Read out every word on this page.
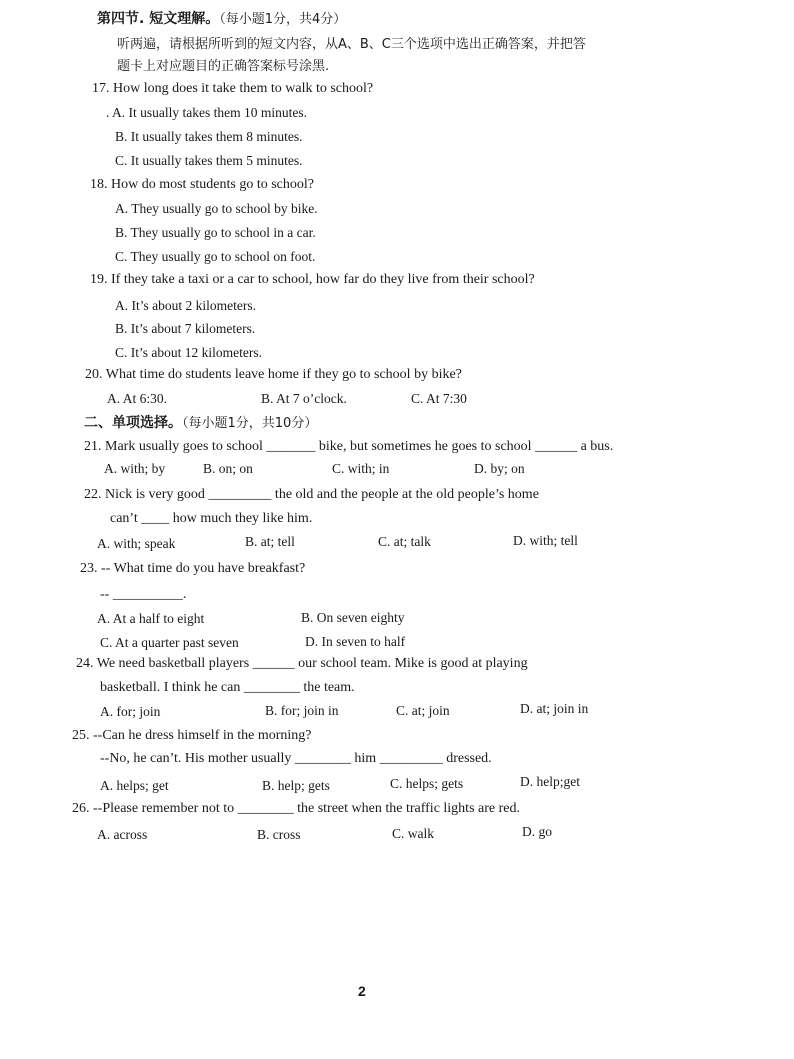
第四节. 短文理解。（每小题1分，共4分）
听两遍，请根据所听到的短文内容，从A、B、C三个选项中选出正确答案，并把答
题卡上对应题目的正确答案标号涂黑.
17. How long does it take them to walk to school?
. A. It usually takes them 10 minutes.
B. It usually takes them 8 minutes.
C. It usually takes them 5 minutes.
18. How do most students go to school?
A. They usually go to school by bike.
B. They usually go to school in a car.
C. They usually go to school on foot.
19. If they take a taxi or a car to school, how far do they live from their school?
A. It’s about 2 kilometers.
B. It’s about 7 kilometers.
C. It’s about 12 kilometers.
20. What time do students leave home if they go to school by bike?
A. At 6:30.	B. At 7 o’clock.	C. At 7:30
二、单项选择。（每小题1分，共10分）
21. Mark usually goes to school _______ bike, but sometimes he goes to school ______ a bus.
A. with; by	B. on; on	C. with; in	D. by; on
22. Nick is very good _________ the old and the people at the old people’s home
can’t ____ how much they like him.
A. with; speak	B. at; tell	C. at; talk	D. with; tell
23. -- What time do you have breakfast?
-- __________.
A. At a half to eight	B. On seven eighty
C. At a quarter past seven	D. In seven to half
24. We need basketball players ______ our school team. Mike is good at playing
basketball. I think he can ________ the team.
A. for; join	B. for; join in	C. at; join	D. at; join in
25. --Can he dress himself in the morning?
--No, he can’t. His mother usually ________ him _________ dressed.
A. helps; get	B. help; gets	C. helps; gets	D. help;get
26. --Please remember not to ________ the street when the traffic lights are red.
A. across	B. cross	C. walk	D. go
2
